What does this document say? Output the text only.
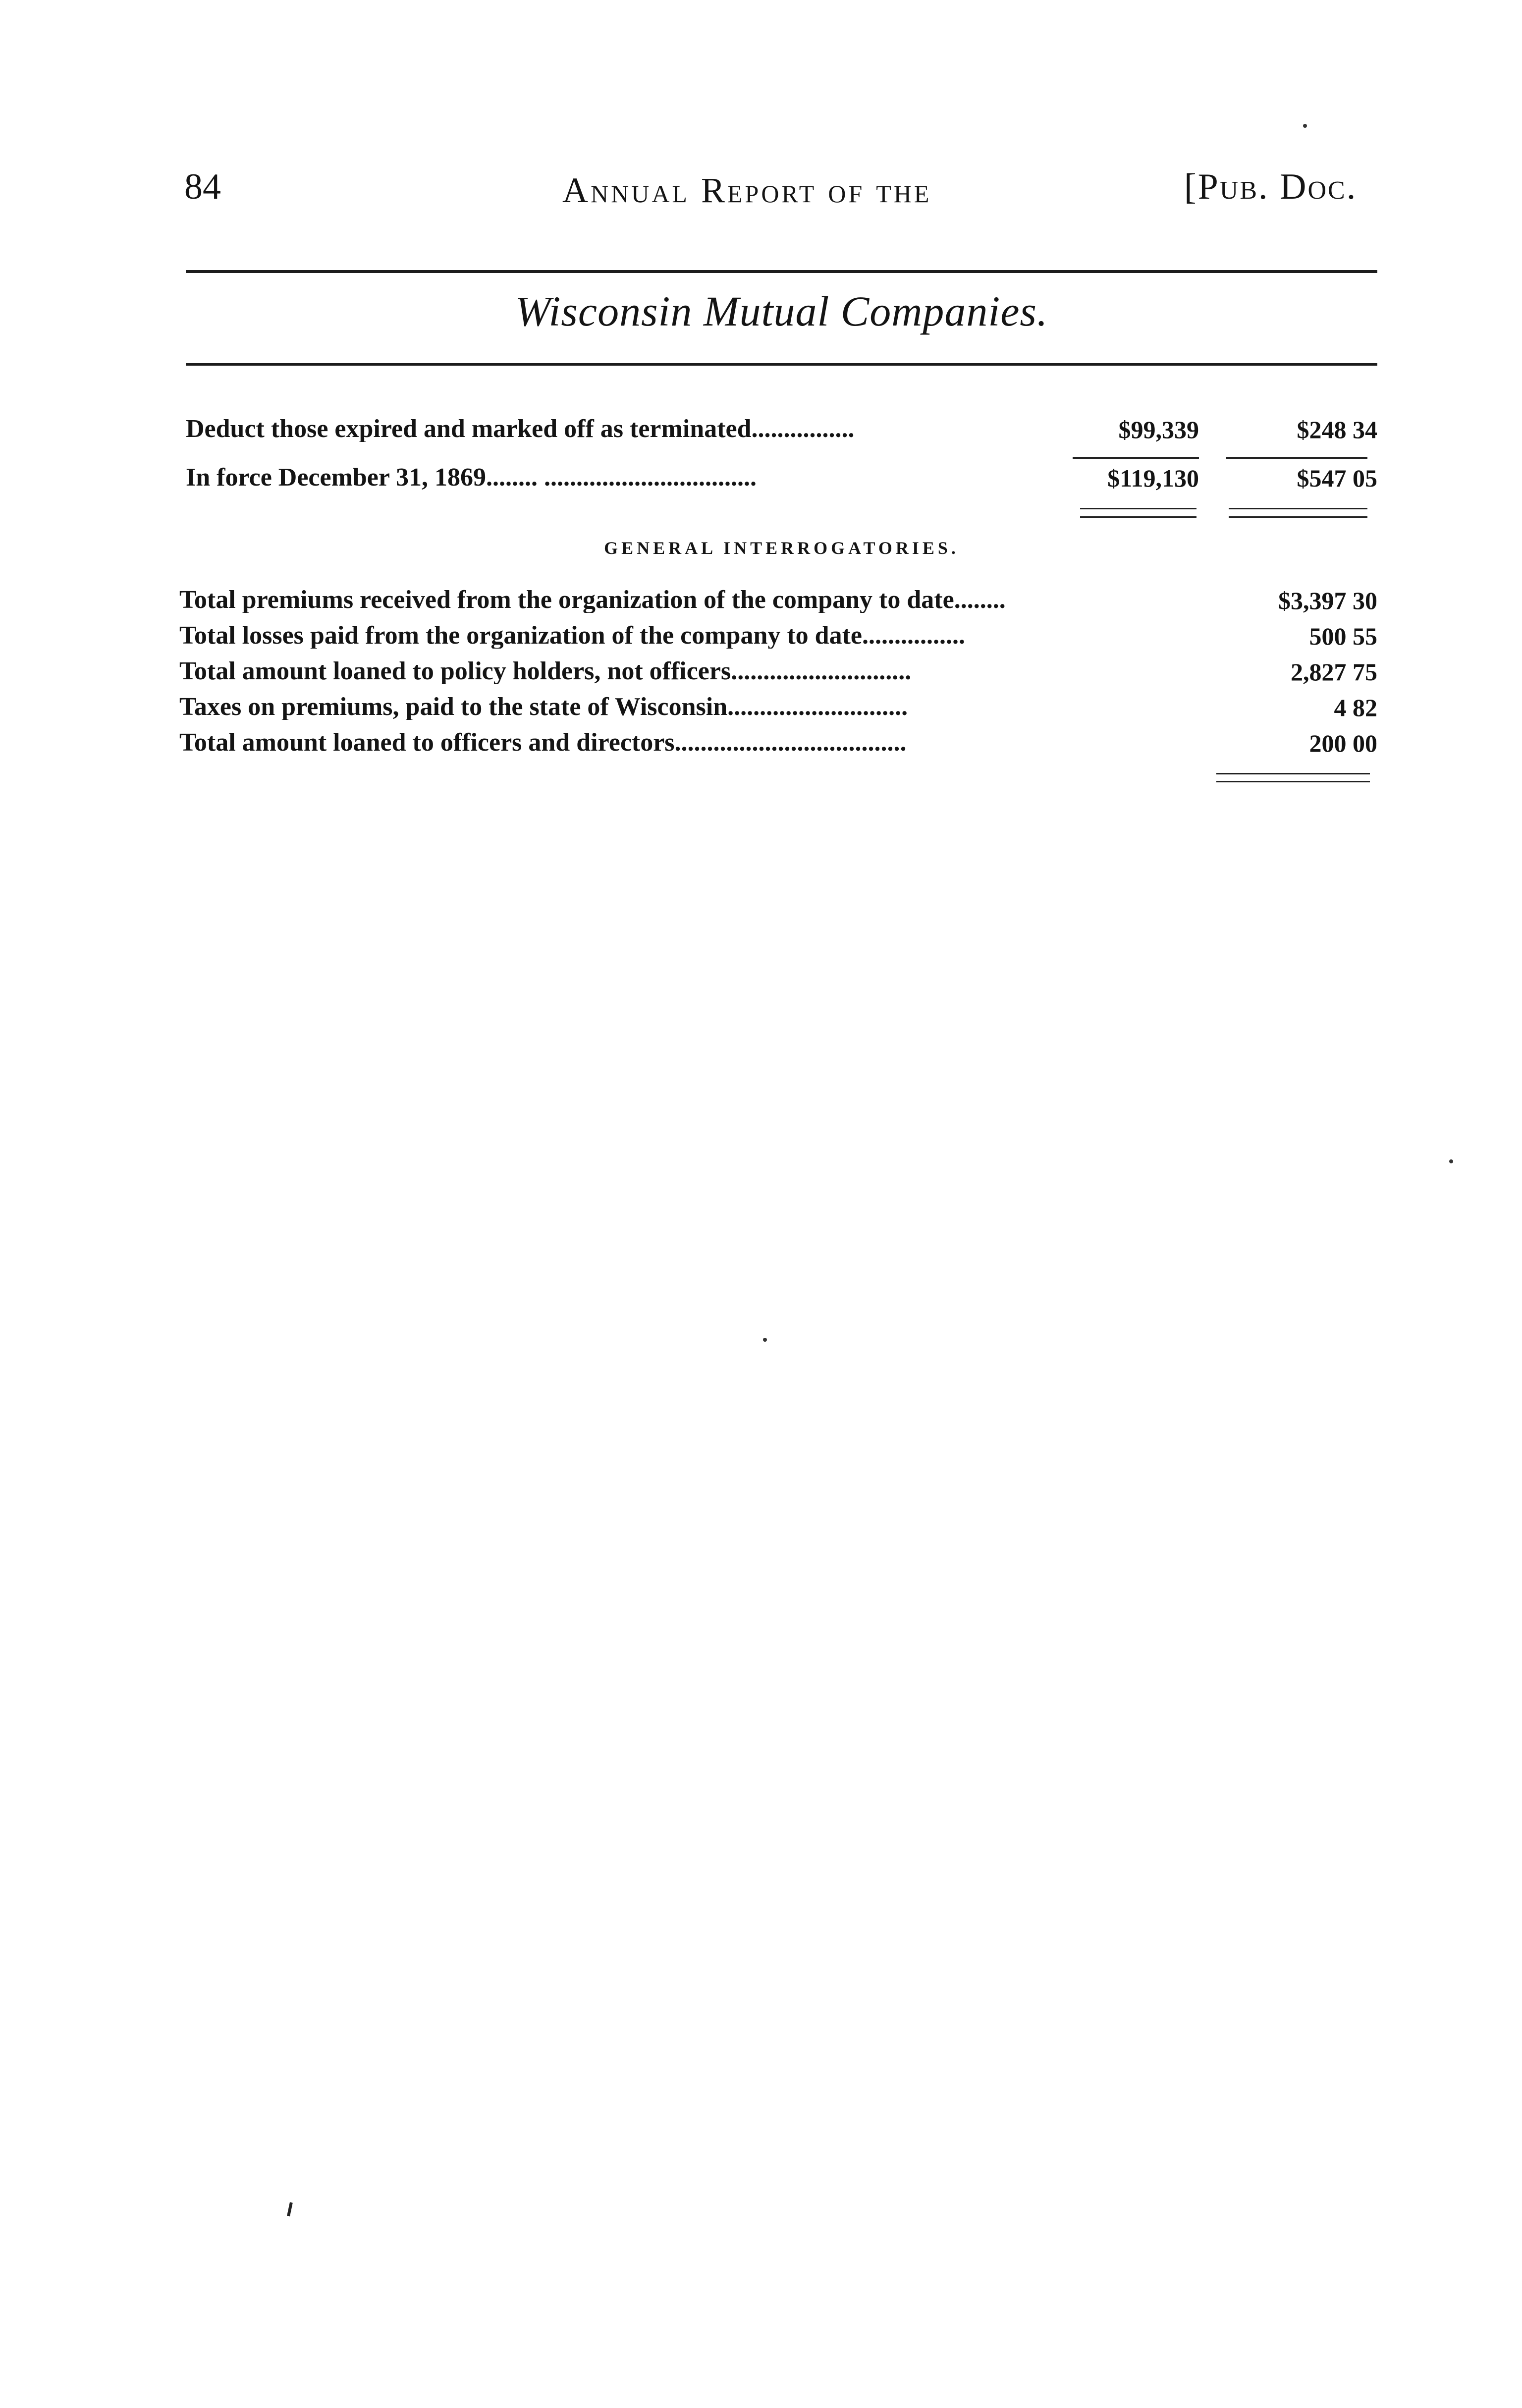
84	Annual Report of the	[Pub. Doc.
Wisconsin Mutual Companies.
Deduct those expired and marked off as terminated................	$99,339	$248 34
In force December 31, 1869........ .................................	$119,130	$547 05
GENERAL INTERROGATORIES.
Total premiums received from the organization of the company to date........	$3,397 30
Total losses paid from the organization of the company to date................	500 55
Total amount loaned to policy holders, not officers............................	2,827 75
Taxes on premiums, paid to the state of Wisconsin............................	4 82
Total amount loaned to officers and directors....................................	200 00
